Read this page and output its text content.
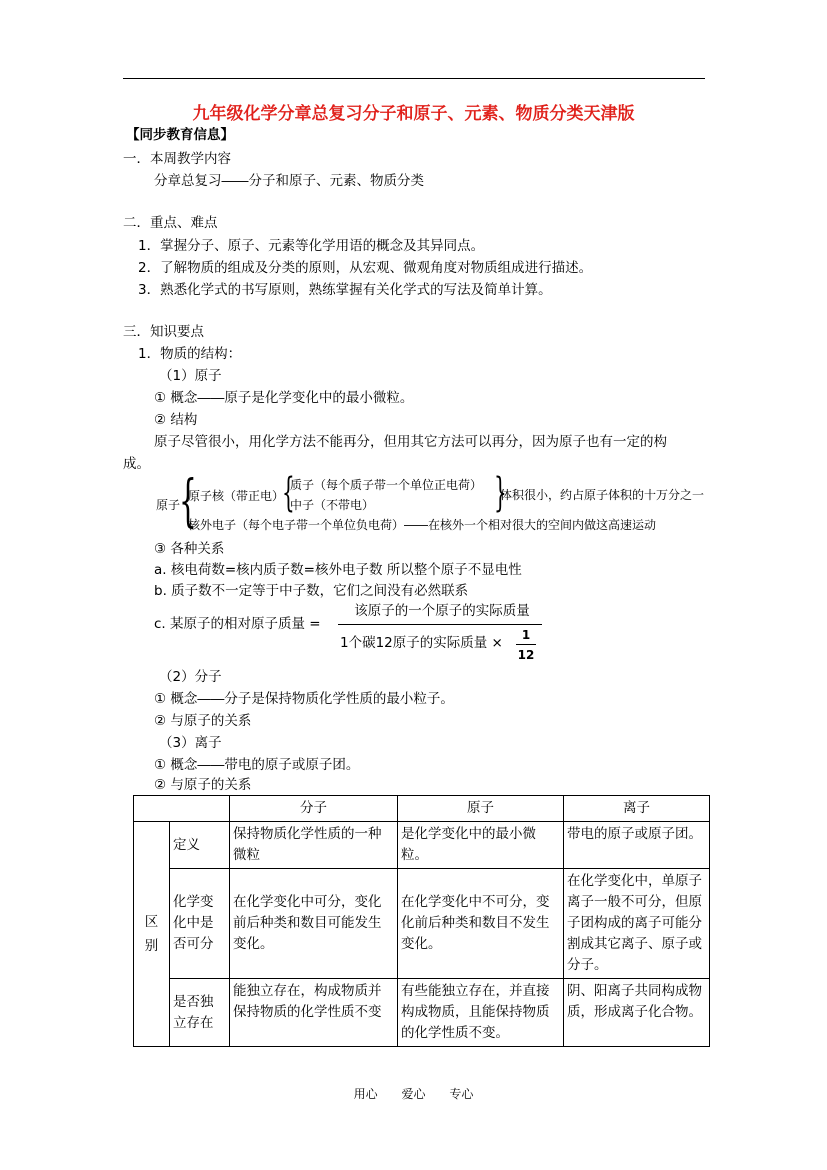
九年级化学分章总复习分子和原子、元素、物质分类天津版
【同步教育信息】
一．本周教学内容
分章总复习――分子和原子、元素、物质分类
二．重点、难点
1．掌握分子、原子、元素等化学用语的概念及其异同点。
2．了解物质的组成及分类的原则，从宏观、微观角度对物质组成进行描述。
3．熟悉化学式的书写原则，熟练掌握有关化学式的写法及简单计算。
三．知识要点
1．物质的结构：
（1）原子
① 概念――原子是化学变化中的最小微粒。
② 结构
原子尽管很小，用化学方法不能再分，但用其它方法可以再分，因为原子也有一定的构
成。
原子
{
原子核（带正电）
{
质子（每个质子带一个单位正电荷）
中子（不带电）	}
体积很小，约占原子体积的十万分之一
核外电子（每个电子带一个单位负电荷）――在核外一个相对很大的空间内做这高速运动
③ 各种关系
a. 核电荷数=核内质子数=核外电子数 所以整个原子不显电性
b. 质子数不一定等于中子数，它们之间没有必然联系
c. 某原子的相对原子质量 =
该原子的一个原子的实际质量
1个碳12原子的实际质量 ×	1
12
（2）分子
① 概念――分子是保持物质化学性质的最小粒子。
② 与原子的关系
（3）离子
① 概念――带电的原子或原子团。
② 与原子的关系
		分子	原子	离子
区
别	定义	保持物质化学性质的一种微粒	是化学变化中的最小微粒。	带电的原子或原子团。
	化学变化中是否可分	在化学变化中可分，变化前后种类和数目可能发生变化。	在化学变化中不可分，变化前后种类和数目不发生变化。	在化学变化中，单原子离子一般不可分，但原子团构成的离子可能分割成其它离子、原子或分子。
	是否独立存在	能独立存在，构成物质并保持物质的化学性质不变	有些能独立存在，并直接构成物质，且能保持物质的化学性质不变。	阴、阳离子共同构成物质，形成离子化合物。
用心 爱心 专心
